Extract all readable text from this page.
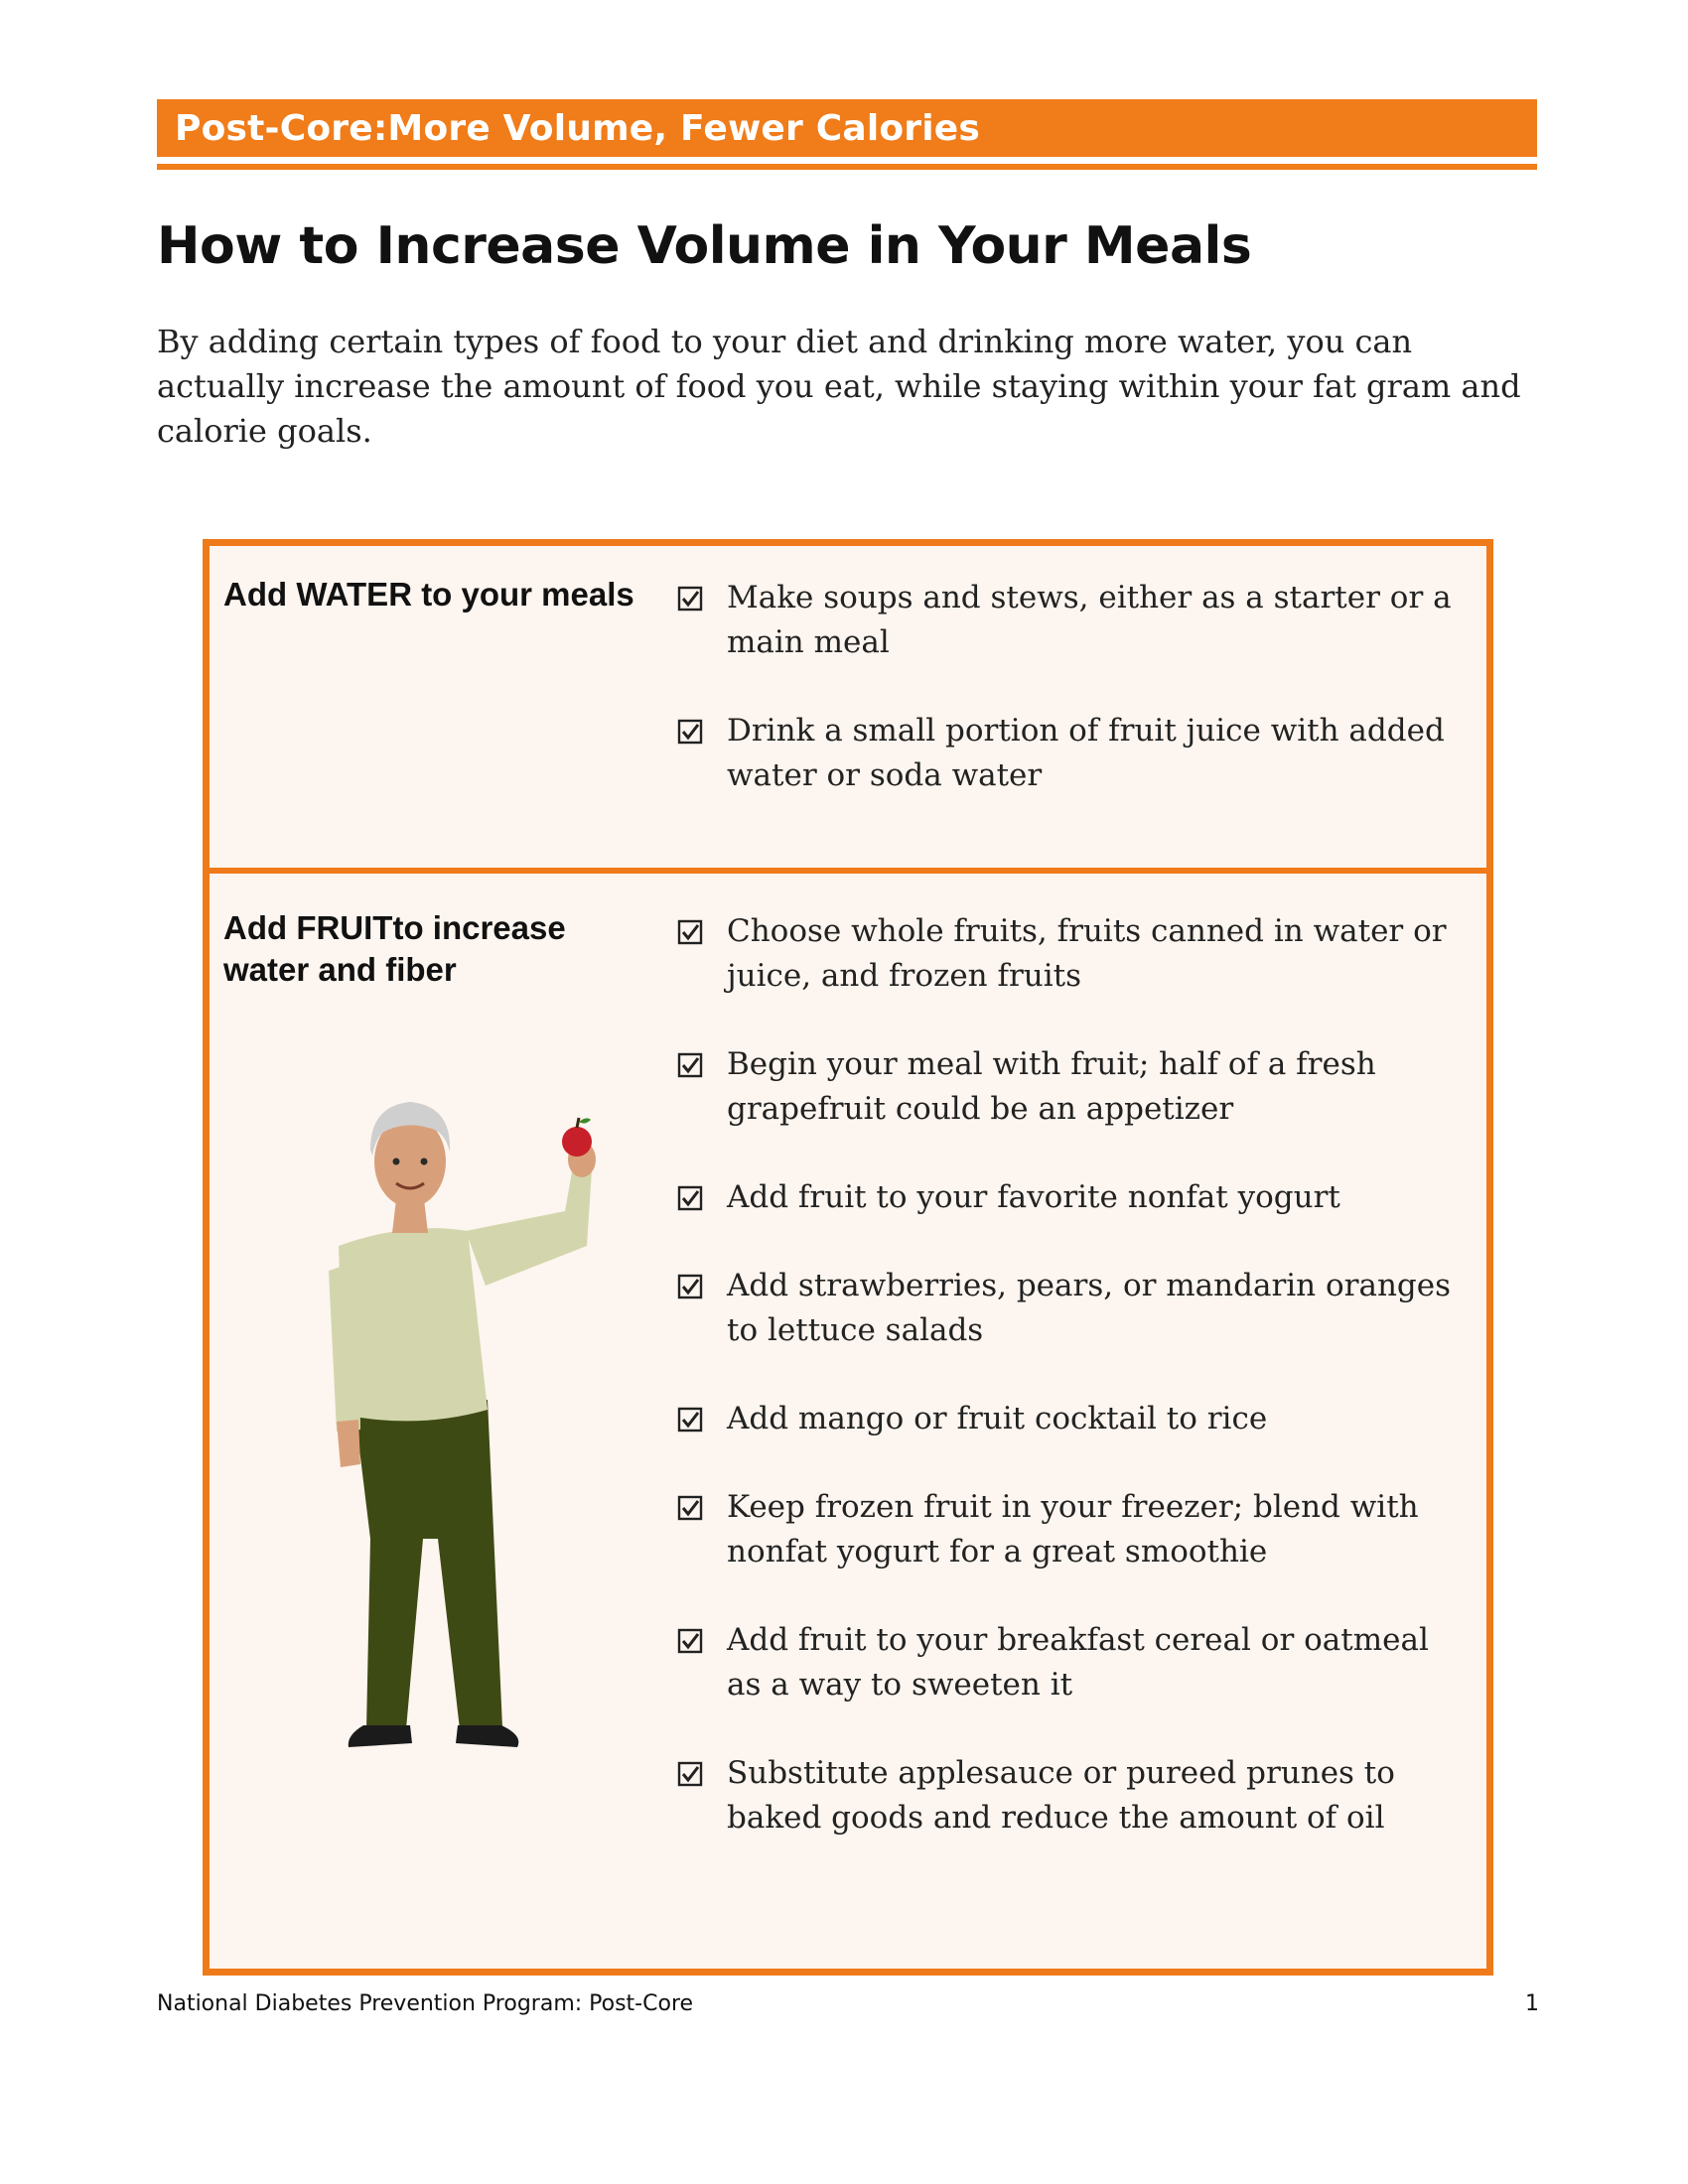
Post-Core:More Volume, Fewer Calories
How to Increase Volume in Your Meals

By adding certain types of food to your diet and drinking more water, you can actually increase the amount of food you eat, while staying within your fat gram and calorie goals.

Add WATER to your meals	Make soups and stews, either as a starter or a main meal
Drink a small portion of fruit juice with added water or soda water
Add FRUITto increase water and fiber
Choose whole fruits, fruits canned in water or juice, and frozen fruits
Begin your meal with fruit; half of a fresh grapefruit could be an appetizer
Add fruit to your favorite nonfat yogurt
Add strawberries, pears, or mandarin oranges to lettuce salads
Add mango or fruit cocktail to rice
Keep frozen fruit in your freezer; blend with nonfat yogurt for a great smoothie
Add fruit to your breakfast cereal or oatmeal as a way to sweeten it
Substitute applesauce or pureed prunes to baked goods and reduce the amount of oil
National Diabetes Prevention Program: Post-Core	1
